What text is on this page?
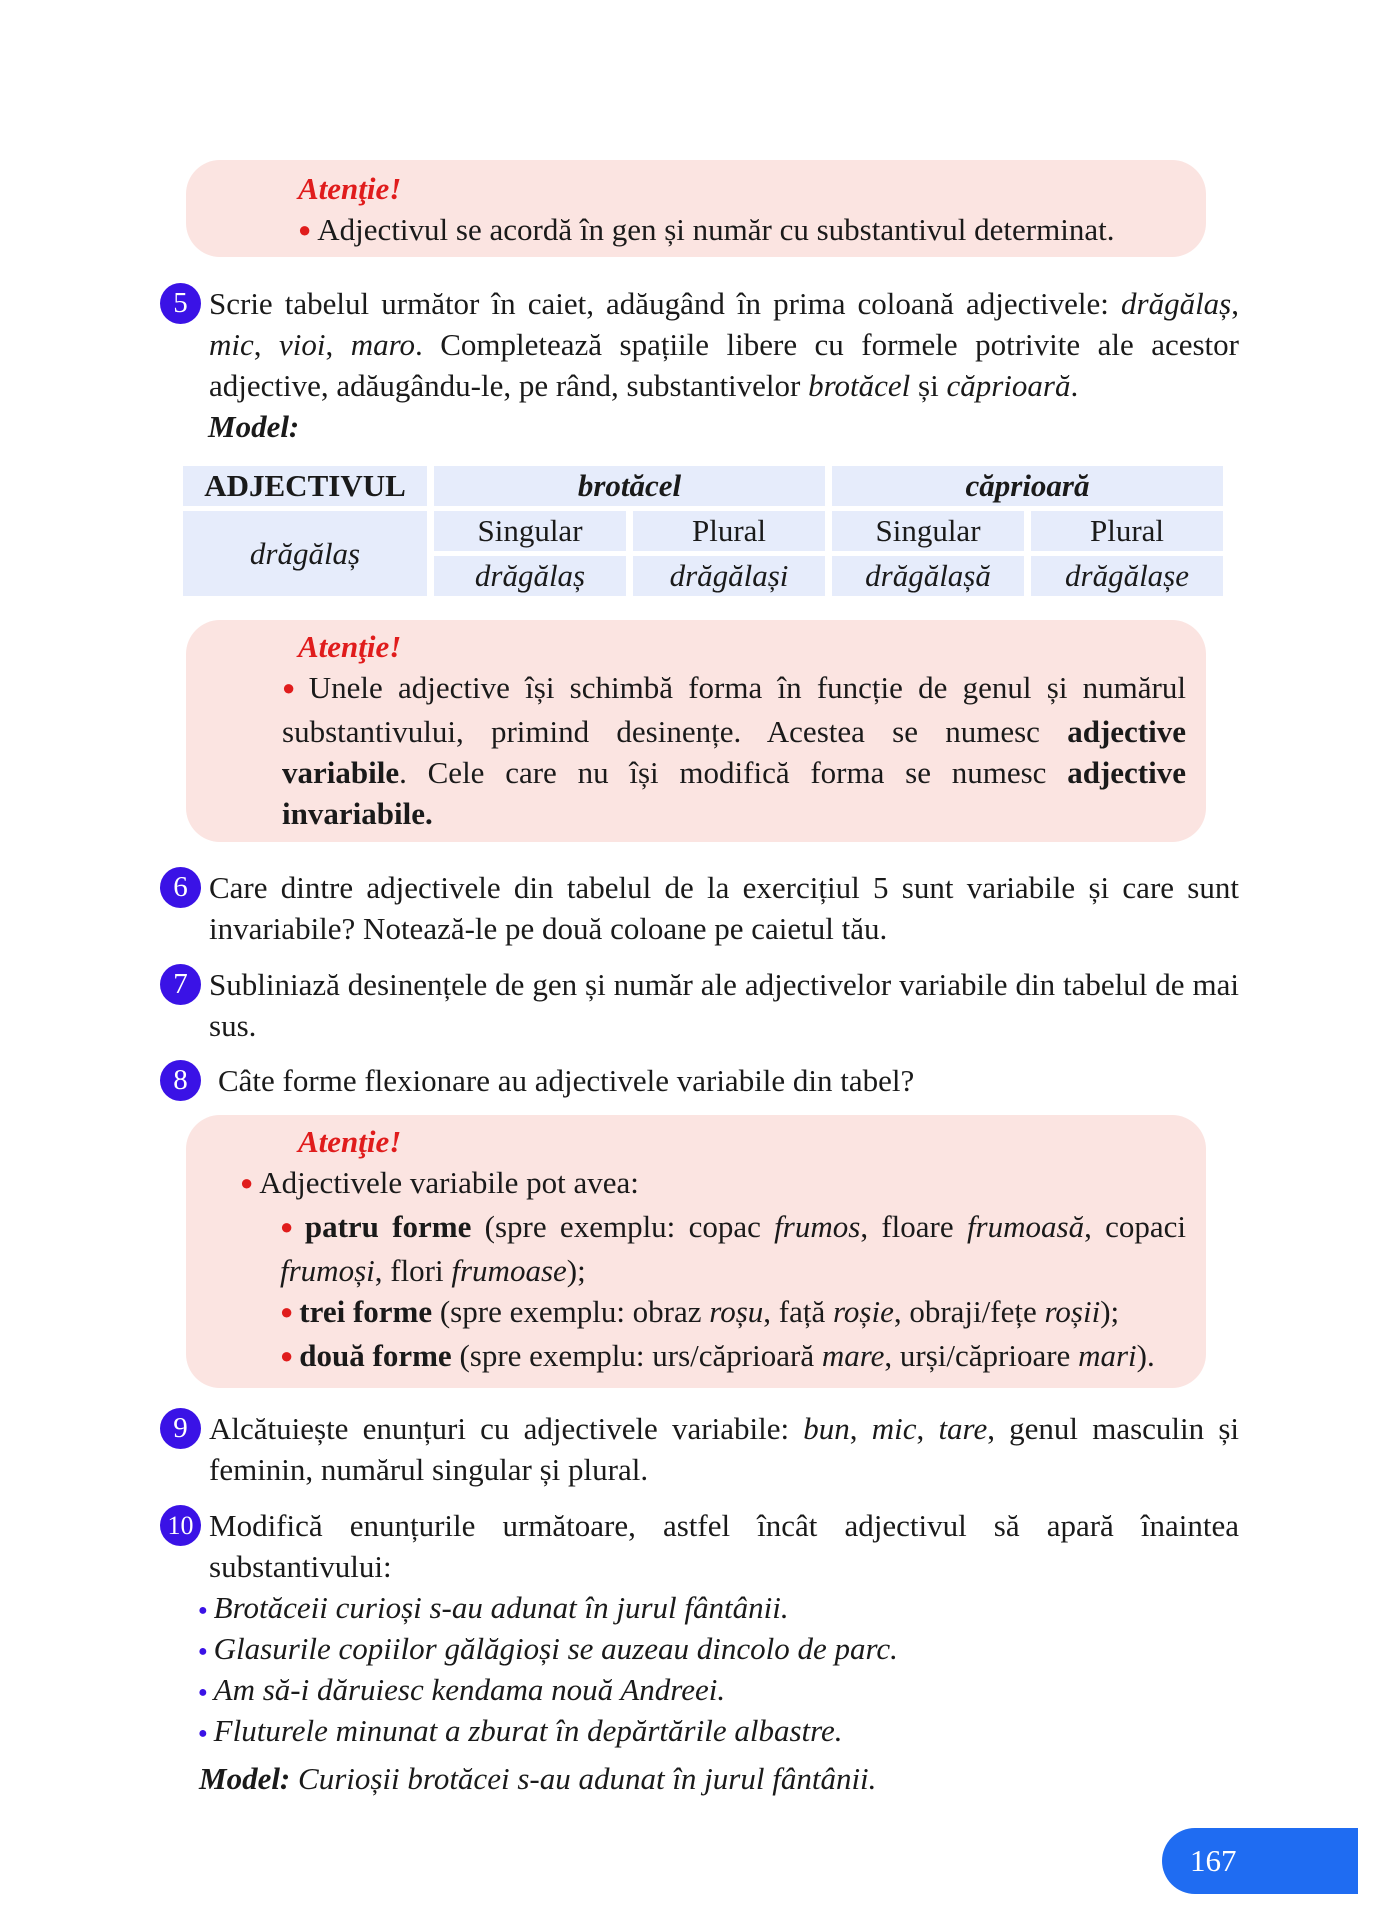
Atenţie!
● Adjectivul se acordă în gen și număr cu substantivul determinat.
5 Scrie tabelul următor în caiet, adăugând în prima coloană adjectivele: drăgălaș, mic, vioi, maro. Completează spațiile libere cu formele potrivite ale acestor adjective, adăugându-le, pe rând, substantivelor brotăcel și căprioară.
Model:
ADJECTIVUL	brotăcel		căprioară	
drăgălaș	Singular	Plural	Singular	Plural
	drăgălaș	drăgălași	drăgălașă	drăgălașe
Atenţie!
● Unele adjective își schimbă forma în funcție de genul și numărul substantivului, primind desinențe. Acestea se numesc adjective variabile. Cele care nu își modifică forma se numesc adjective invariabile.
6 Care dintre adjectivele din tabelul de la exercițiul 5 sunt variabile și care sunt invariabile? Notează-le pe două coloane pe caietul tău.
7 Subliniază desinențele de gen și număr ale adjectivelor variabile din tabelul de mai sus.
8 Câte forme flexionare au adjectivele variabile din tabel?
Atenţie!
● Adjectivele variabile pot avea:
● patru forme (spre exemplu: copac frumos, floare frumoasă, copaci frumoși, flori frumoase);
● trei forme (spre exemplu: obraz roșu, față roșie, obraji/fețe roșii);
● două forme (spre exemplu: urs/căprioară mare, urși/căprioare mari).
9 Alcătuiește enunțuri cu adjectivele variabile: bun, mic, tare, genul masculin și feminin, numărul singular și plural.
10 Modifică enunțurile următoare, astfel încât adjectivul să apară înaintea substantivului:
● Brotăceii curioși s-au adunat în jurul fântânii.
● Glasurile copiilor gălăgioși se auzeau dincolo de parc.
● Am să-i dăruiesc kendama nouă Andreei.
● Fluturele minunat a zburat în depărtările albastre.
Model: Curioșii brotăcei s-au adunat în jurul fântânii.
167
